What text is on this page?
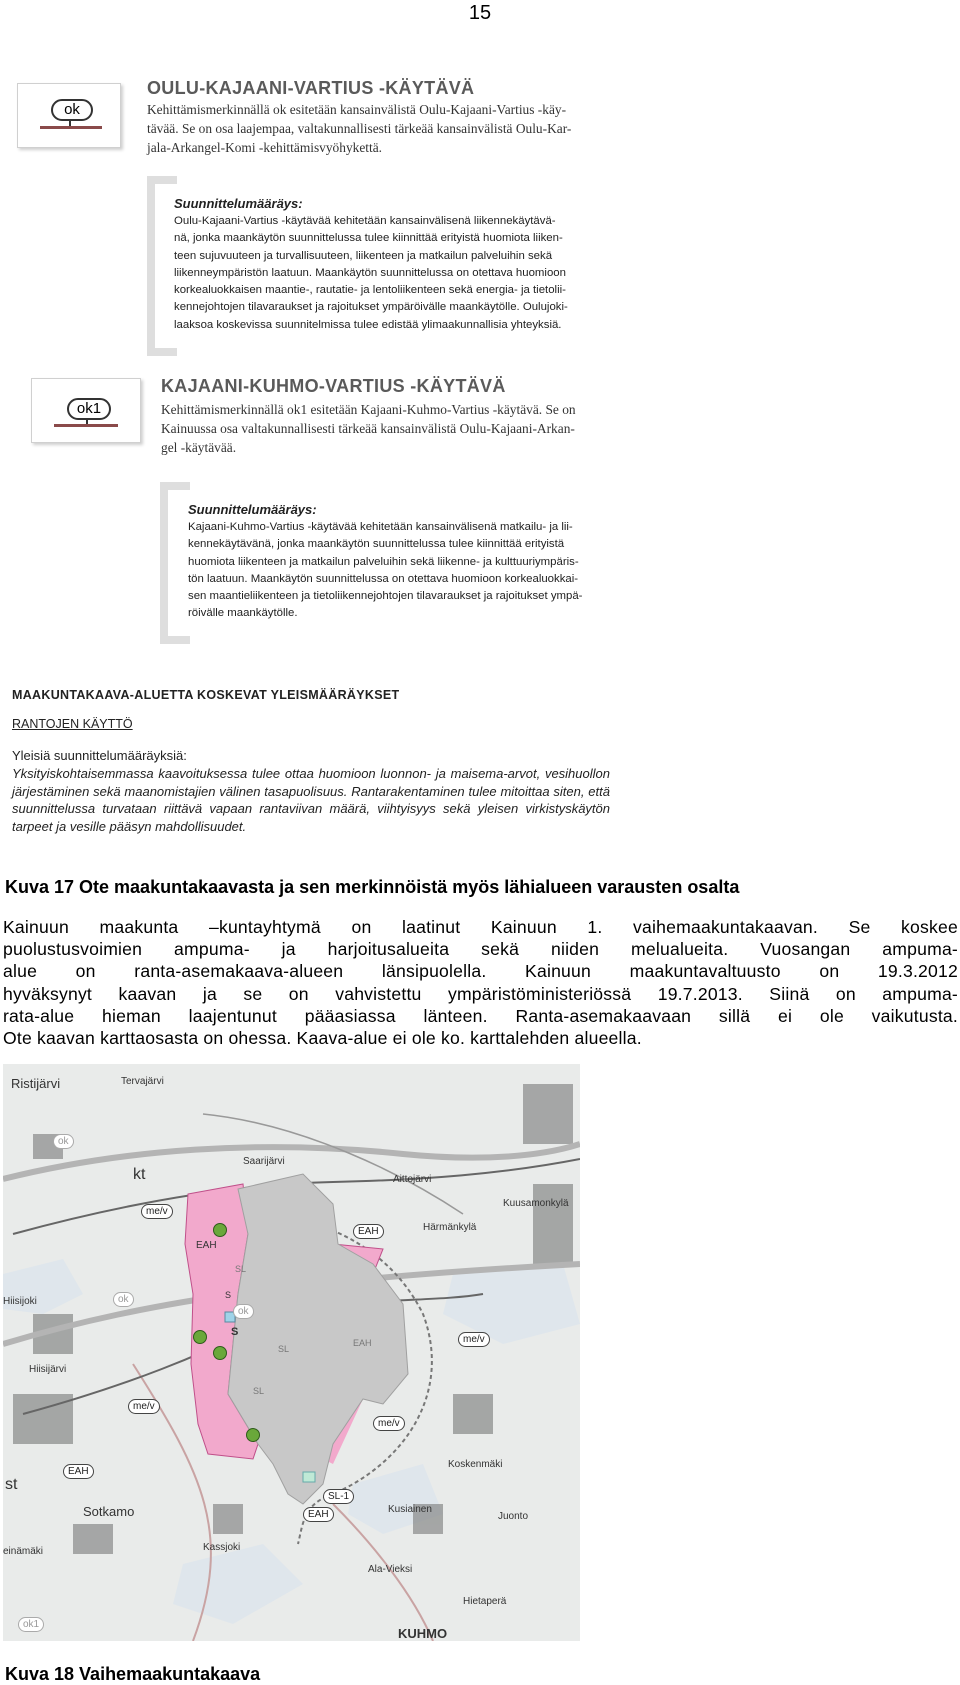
15
ok
OULU-KAJAANI-VARTIUS -KÄYTÄVÄ
Kehittämismerkinnällä ok esitetään kansainvälistä Oulu-Kajaani-Vartius -käy-
tävää. Se on osa laajempaa, valtakunnallisesti tärkeää kansainvälistä Oulu-Kar-
jala-Arkangel-Komi -kehittämisvyöhykettä.
Suunnittelumääräys:
Oulu-Kajaani-Vartius -käytävää kehitetään kansainvälisenä liikennekäytävä-
nä, jonka maankäytön suunnittelussa tulee kiinnittää erityistä huomiota liiken-
teen sujuvuuteen ja turvallisuuteen, liikenteen ja matkailun palveluihin sekä
liikenneympäristön laatuun. Maankäytön suunnittelussa on otettava huomioon
korkealuokkaisen maantie-, rautatie- ja lentoliikenteen sekä energia- ja tietolii-
kennejohtojen tilavaraukset ja rajoitukset ympäröivälle maankäytölle. Oulujoki-
laaksoa koskevissa suunnitelmissa tulee edistää ylimaakunnallisia yhteyksiä.
ok1
KAJAANI-KUHMO-VARTIUS -KÄYTÄVÄ
Kehittämismerkinnällä ok1 esitetään Kajaani-Kuhmo-Vartius -käytävä. Se on
Kainuussa osa valtakunnallisesti tärkeää kansainvälistä Oulu-Kajaani-Arkan-
gel -käytävää.
Suunnittelumääräys:
Kajaani-Kuhmo-Vartius -käytävää kehitetään kansainvälisenä matkailu- ja lii-
kennekäytävänä, jonka maankäytön suunnittelussa tulee kiinnittää erityistä
huomiota liikenteen ja matkailun palveluihin sekä liikenne- ja kulttuuriympäris-
tön laatuun. Maankäytön suunnittelussa on otettava huomioon korkealuokkai-
sen maantieliikenteen ja tietoliikennejohtojen tilavaraukset ja rajoitukset ympä-
röivälle maankäytölle.
MAAKUNTAKAAVA-ALUETTA KOSKEVAT YLEISMÄÄRÄYKSET
RANTOJEN KÄYTTÖ
Yleisiä suunnittelumääräyksiä:
Yksityiskohtaisemmassa kaavoituksessa tulee ottaa huomioon luonnon- ja maisema-arvot, vesihuollon järjestäminen sekä maanomistajien välinen tasapuolisuus. Rantarakentaminen tulee mitoittaa siten, että suunnittelussa turvataan riittävä vapaan rantaviivan määrä, viihtyisyys sekä yleisen virkistyskäytön tarpeet ja vesille pääsyn mahdollisuudet.
Kuva 17 Ote maakuntakaavasta ja sen merkinnöistä myös lähialueen varausten osalta
Kainuun maakunta –kuntayhtymä on laatinut Kainuun 1. vaihemaakuntakaavan. Se koskee
puolustusvoimien ampuma- ja harjoitusalueita sekä niiden melualueita. Vuosangan ampuma-
alue on ranta-asemakaava-alueen länsipuolella. Kainuun maakuntavaltuusto on 19.3.2012
hyväksynyt kaavan ja se on vahvistettu ympäristöministeriössä 19.7.2013. Siinä on ampuma-
rata-alue hieman laajentunut pääasiassa länteen. Ranta-asemakaavaan sillä ei ole vaikutusta.
Ote kaavan karttaosasta on ohessa. Kaava-alue ei ole ko. karttalehden alueella.
Ristijärvi	Tervajärvi
Saarijärvi
Aittojärvi
Kuusamonkylä
Härmänkylä
Hiisijoki
Hiisijärvi
Sotkamo
Koskenmäki
Juonto
Ala-Vieksi
Hietaperä
Kassjoki
Kusiainen
KUHMO
einämäki
kt
st
ok
ok
ok
ok1
me/v
me/v
me/v
me/v
EAH
EAH
EAH
SL-1
EAH
S
SL
EAH
SL
S
SL
Kuva 18 Vaihemaakuntakaava
